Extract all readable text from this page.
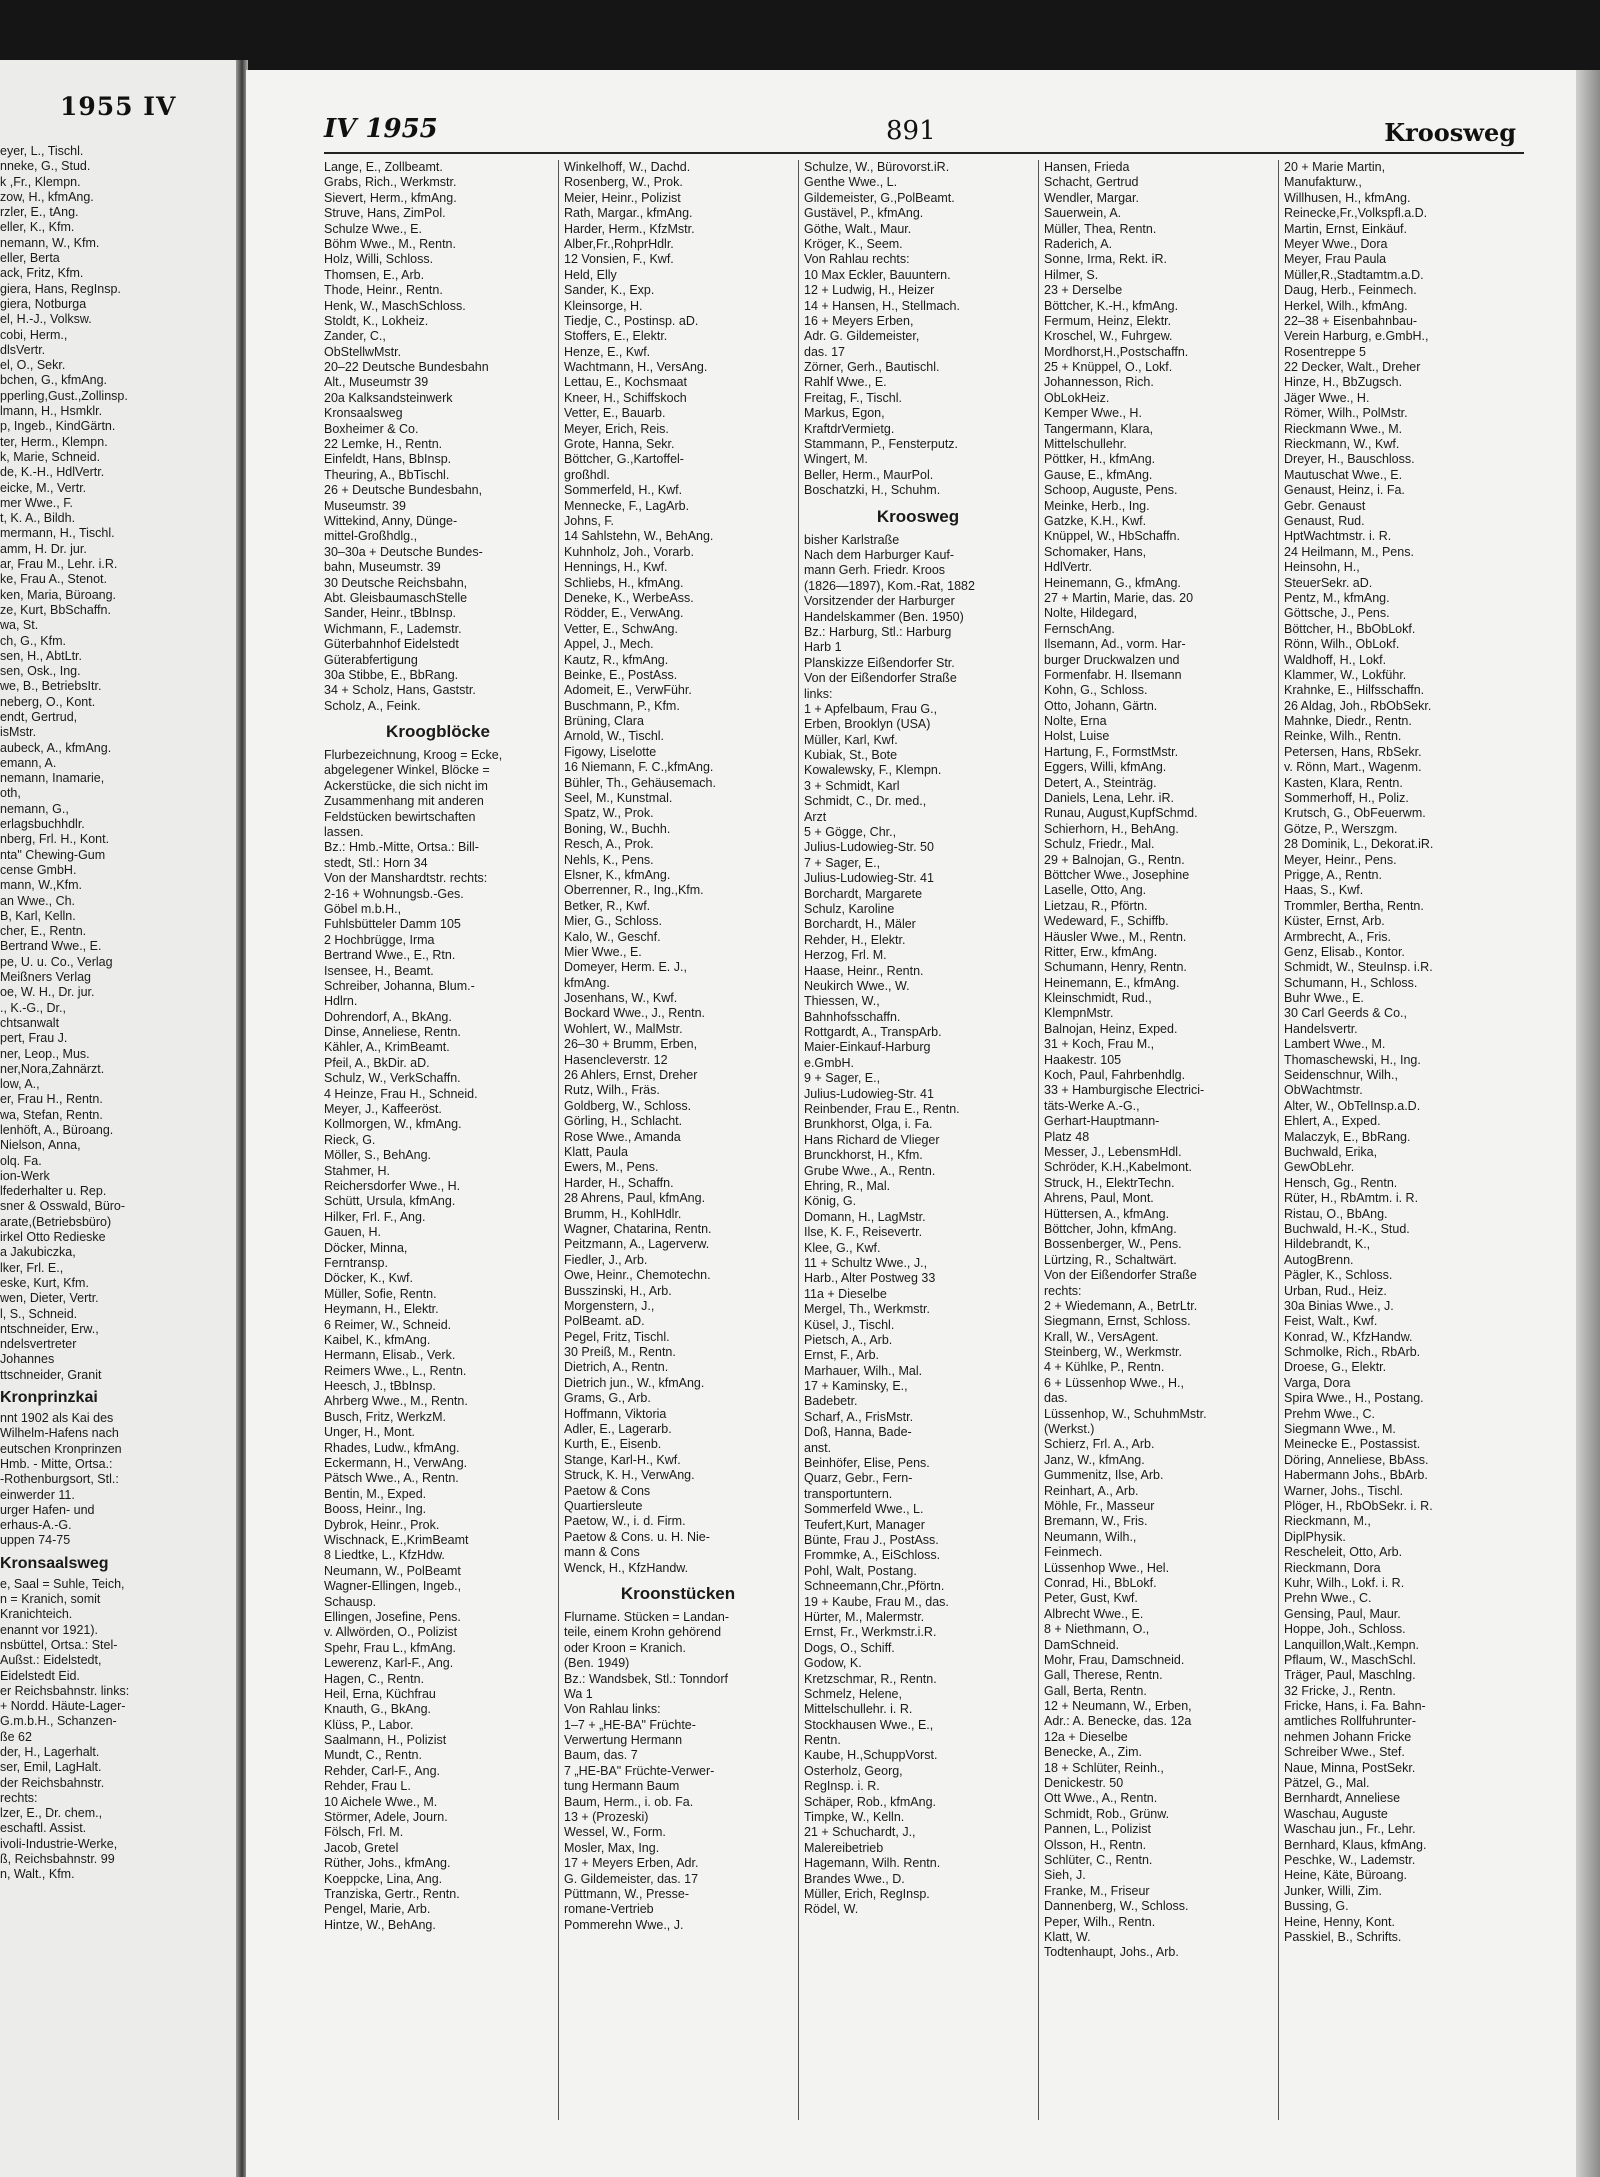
1955 IV
eyer, L., Tischl.
nneke, G., Stud.
k ,Fr., Klempn.
zow, H., kfmAng.
rzler, E., tAng.
eller, K., Kfm.
nemann, W., Kfm.
eller, Berta
ack, Fritz, Kfm.
giera, Hans, RegInsp.
giera, Notburga
el, H.-J., Volksw.
cobi, Herm.,
dlsVertr.
el, O., Sekr.
bchen, G., kfmAng.
pperling,Gust.,Zollinsp.
lmann, H., Hsmklr.
p, Ingeb., KindGärtn.
ter, Herm., Klempn.
k, Marie, Schneid.
de, K.-H., HdlVertr.
eicke, M., Vertr.
mer Wwe., F.
t, K. A., Bildh.
mermann, H., Tischl.
amm, H. Dr. jur.
ar, Frau M., Lehr. i.R.
ke, Frau A., Stenot.
ken, Maria, Büroang.
ze, Kurt, BbSchaffn.
wa, St.
ch, G., Kfm.
sen, H., AbtLtr.
sen, Osk., Ing.
we, B., BetriebsItr.
neberg, O., Kont.
endt, Gertrud,
isMstr.
aubeck, A., kfmAng.
emann, A.
nemann, Inamarie,
oth,
nemann, G.,
erlagsbuchhdlr.
nberg, Frl. H., Kont.
nta" Chewing-Gum
cense GmbH.
mann, W.,Kfm.
an Wwe., Ch.
B, Karl, Kelln.
cher, E., Rentn.
Bertrand Wwe., E.
pe, U. u. Co., Verlag
Meißners Verlag
oe, W. H., Dr. jur.
., K.-G., Dr.,
chtsanwalt
pert, Frau J.
ner, Leop., Mus.
ner,Nora,Zahnärzt.
low, A.,
er, Frau H., Rentn.
wa, Stefan, Rentn.
lenhöft, A., Büroang.
Nielson, Anna,
olq. Fa.
ion-Werk
lfederhalter u. Rep.
sner & Osswald, Büro-
arate,(Betriebsbüro)
irkel Otto Redieske
a Jakubiczka,
lker, Frl. E.,
eske, Kurt, Kfm.
wen, Dieter, Vertr.
l, S., Schneid.
ntschneider, Erw.,
ndelsvertreter
Johannes
ttschneider, Granit
Kronprinzkai
nnt 1902 als Kai des
Wilhelm-Hafens nach
eutschen Kronprinzen
Hmb. - Mitte, Ortsa.:
-Rothenburgsort, Stl.:
einwerder 11.
urger Hafen- und
erhaus-A.-G.
uppen 74-75
Kronsaalsweg
e, Saal = Suhle, Teich,
n = Kranich, somit
Kranichteich.
enannt vor 1921).
nsbüttel, Ortsa.: Stel-
Außst.: Eidelstedt,
Eidelstedt Eid.
er Reichsbahnstr. links:
+ Nordd. Häute-Lager-
G.m.b.H., Schanzen-
ße 62
der, H., Lagerhalt.
ser, Emil, LagHalt.
der Reichsbahnstr.
rechts:
lzer, E., Dr. chem.,
eschaftl. Assist.
ivoli-Industrie-Werke,
ß, Reichsbahnstr. 99
n, Walt., Kfm.
IV 1955	891	Kroosweg
Lange, E., Zollbeamt.
Grabs, Rich., Werkmstr.
Sievert, Herm., kfmAng.
Struve, Hans, ZimPol.
Schulze Wwe., E.
Böhm Wwe., M., Rentn.
Holz, Willi, Schloss.
Thomsen, E., Arb.
Thode, Heinr., Rentn.
Henk, W., MaschSchloss.
Stoldt, K., Lokheiz.
Zander, C.,
ObStellwMstr.
20–22 Deutsche Bundesbahn
Alt., Museumstr 39
20a Kalksandsteinwerk
Kronsaalsweg
Boxheimer & Co.
22 Lemke, H., Rentn.
Einfeldt, Hans, BbInsp.
Theuring, A., BbTischl.
26 + Deutsche Bundesbahn,
Museumstr. 39
Wittekind, Anny, Dünge-
mittel-Großhdlg.,
30–30a + Deutsche Bundes-
bahn, Museumstr. 39
30 Deutsche Reichsbahn,
Abt. GleisbaumaschStelle
Sander, Heinr., tBbInsp.
Wichmann, F., Lademstr.
Güterbahnhof Eidelstedt
Güterabfertigung
30a Stibbe, E., BbRang.
34 + Scholz, Hans, Gaststr.
Scholz, A., Feink.
Kroogblöcke
Flurbezeichnung, Kroog = Ecke,
abgelegener Winkel, Blöcke =
Ackerstücke, die sich nicht im
Zusammenhang mit anderen
Feldstücken bewirtschaften
lassen.
Bz.: Hmb.-Mitte, Ortsa.: Bill-
stedt, Stl.: Horn 34
Von der Manshardtstr. rechts:
2-16 + Wohnungsb.-Ges.
Göbel m.b.H.,
Fuhlsbütteler Damm 105
2 Hochbrügge, Irma
Bertrand Wwe., E., Rtn.
Isensee, H., Beamt.
Schreiber, Johanna, Blum.-
Hdlrn.
Dohrendorf, A., BkAng.
Dinse, Anneliese, Rentn.
Kähler, A., KrimBeamt.
Pfeil, A., BkDir. aD.
Schulz, W., VerkSchaffn.
4 Heinze, Frau H., Schneid.
Meyer, J., Kaffeeröst.
Kollmorgen, W., kfmAng.
Rieck, G.
Möller, S., BehAng.
Stahmer, H.
Reichersdorfer Wwe., H.
Schütt, Ursula, kfmAng.
Hilker, Frl. F., Ang.
Gauen, H.
Döcker, Minna,
Ferntransp.
Döcker, K., Kwf.
Müller, Sofie, Rentn.
Heymann, H., Elektr.
6 Reimer, W., Schneid.
Kaibel, K., kfmAng.
Hermann, Elisab., Verk.
Reimers Wwe., L., Rentn.
Heesch, J., tBbInsp.
Ahrberg Wwe., M., Rentn.
Busch, Fritz, WerkzM.
Unger, H., Mont.
Rhades, Ludw., kfmAng.
Eckermann, H., VerwAng.
Pätsch Wwe., A., Rentn.
Bentin, M., Exped.
Booss, Heinr., Ing.
Dybrok, Heinr., Prok.
Wischnack, E.,KrimBeamt
8 Liedtke, L., KfzHdw.
Neumann, W., PolBeamt
Wagner-Ellingen, Ingeb.,
Schausp.
Ellingen, Josefine, Pens.
v. Allwörden, O., Polizist
Spehr, Frau L., kfmAng.
Lewerenz, Karl-F., Ang.
Hagen, C., Rentn.
Heil, Erna, Küchfrau
Knauth, G., BkAng.
Klüss, P., Labor.
Saalmann, H., Polizist
Mundt, C., Rentn.
Rehder, Carl-F., Ang.
Rehder, Frau L.
10 Aichele Wwe., M.
Störmer, Adele, Journ.
Fölsch, Frl. M.
Jacob, Gretel
Rüther, Johs., kfmAng.
Koeppcke, Lina, Ang.
Tranziska, Gertr., Rentn.
Pengel, Marie, Arb.
Hintze, W., BehAng.
Winkelhoff, W., Dachd.
Rosenberg, W., Prok.
Meier, Heinr., Polizist
Rath, Margar., kfmAng.
Harder, Herm., KfzMstr.
Alber,Fr.,RohprHdlr.
12 Vonsien, F., Kwf.
Held, Elly
Sander, K., Exp.
Kleinsorge, H.
Tiedje, C., Postinsp. aD.
Stoffers, E., Elektr.
Henze, E., Kwf.
Wachtmann, H., VersAng.
Lettau, E., Kochsmaat
Kneer, H., Schiffskoch
Vetter, E., Bauarb.
Meyer, Erich, Reis.
Grote, Hanna, Sekr.
Böttcher, G.,Kartoffel-
großhdl.
Sommerfeld, H., Kwf.
Mennecke, F., LagArb.
Johns, F.
14 Sahlstehn, W., BehAng.
Kuhnholz, Joh., Vorarb.
Hennings, H., Kwf.
Schliebs, H., kfmAng.
Deneke, K., WerbeAss.
Rödder, E., VerwAng.
Vetter, E., SchwAng.
Appel, J., Mech.
Kautz, R., kfmAng.
Beinke, E., PostAss.
Adomeit, E., VerwFühr.
Buschmann, P., Kfm.
Brüning, Clara
Arnold, W., Tischl.
Figowy, Liselotte
16 Niemann, F. C.,kfmAng.
Bühler, Th., Gehäusemach.
Seel, M., Kunstmal.
Spatz, W., Prok.
Boning, W., Buchh.
Resch, A., Prok.
Nehls, K., Pens.
Elsner, K., kfmAng.
Oberrenner, R., Ing.,Kfm.
Betker, R., Kwf.
Mier, G., Schloss.
Kalo, W., Geschf.
Mier Wwe., E.
Domeyer, Herm. E. J.,
kfmAng.
Josenhans, W., Kwf.
Bockard Wwe., J., Rentn.
Wohlert, W., MalMstr.
26–30 + Brumm, Erben,
Hasencleverstr. 12
26 Ahlers, Ernst, Dreher
Rutz, Wilh., Fräs.
Goldberg, W., Schloss.
Görling, H., Schlacht.
Rose Wwe., Amanda
Klatt, Paula
Ewers, M., Pens.
Harder, H., Schaffn.
28 Ahrens, Paul, kfmAng.
Brumm, H., KohlHdlr.
Wagner, Chatarina, Rentn.
Peitzmann, A., Lagerverw.
Fiedler, J., Arb.
Owe, Heinr., Chemotechn.
Busszinski, H., Arb.
Morgenstern, J.,
PolBeamt. aD.
Pegel, Fritz, Tischl.
30 Preiß, M., Rentn.
Dietrich, A., Rentn.
Dietrich jun., W., kfmAng.
Grams, G., Arb.
Hoffmann, Viktoria
Adler, E., Lagerarb.
Kurth, E., Eisenb.
Stange, Karl-H., Kwf.
Struck, K. H., VerwAng.
Paetow & Cons
Quartiersleute
Paetow, W., i. d. Firm.
Paetow & Cons. u. H. Nie-
mann & Cons
Wenck, H., KfzHandw.
Kroonstücken
Flurname. Stücken = Landan-
teile, einem Krohn gehörend
oder Kroon = Kranich.
(Ben. 1949)
Bz.: Wandsbek, Stl.: Tonndorf
Wa 1
Von Rahlau links:
1–7 + „HE-BA" Früchte-
Verwertung Hermann
Baum, das. 7
7 „HE-BA" Früchte-Verwer-
tung Hermann Baum
Baum, Herm., i. ob. Fa.
13 + (Prozeski)
Wessel, W., Form.
Mosler, Max, Ing.
17 + Meyers Erben, Adr.
G. Gildemeister, das. 17
Püttmann, W., Presse-
romane-Vertrieb
Pommerehn Wwe., J.
Schulze, W., Bürovorst.iR.
Genthe Wwe., L.
Gildemeister, G.,PolBeamt.
Gustävel, P., kfmAng.
Göthe, Walt., Maur.
Kröger, K., Seem.
Von Rahlau rechts:
10 Max Eckler, Bauuntern.
12 + Ludwig, H., Heizer
14 + Hansen, H., Stellmach.
16 + Meyers Erben,
Adr. G. Gildemeister,
das. 17
Zörner, Gerh., Bautischl.
Rahlf Wwe., E.
Freitag, F., Tischl.
Markus, Egon,
KraftdrVermietg.
Stammann, P., Fensterputz.
Wingert, M.
Beller, Herm., MaurPol.
Boschatzki, H., Schuhm.
Kroosweg
bisher Karlstraße
Nach dem Harburger Kauf-
mann Gerh. Friedr. Kroos
(1826—1897), Kom.-Rat, 1882
Vorsitzender der Harburger
Handelskammer (Ben. 1950)
Bz.: Harburg, Stl.: Harburg
Harb 1
Planskizze Eißendorfer Str.
Von der Eißendorfer Straße
links:
1 + Apfelbaum, Frau G.,
Erben, Brooklyn (USA)
Müller, Karl, Kwf.
Kubiak, St., Bote
Kowalewsky, F., Klempn.
3 + Schmidt, Karl
Schmidt, C., Dr. med.,
Arzt
5 + Gögge, Chr.,
Julius-Ludowieg-Str. 50
7 + Sager, E.,
Julius-Ludowieg-Str. 41
Borchardt, Margarete
Schulz, Karoline
Borchardt, H., Mäler
Rehder, H., Elektr.
Herzog, Frl. M.
Haase, Heinr., Rentn.
Neukirch Wwe., W.
Thiessen, W.,
Bahnhofsschaffn.
Rottgardt, A., TranspArb.
Maier-Einkauf-Harburg
e.GmbH.
9 + Sager, E.,
Julius-Ludowieg-Str. 41
Reinbender, Frau E., Rentn.
Brunkhorst, Olga, i. Fa.
Hans Richard de Vlieger
Brunckhorst, H., Kfm.
Grube Wwe., A., Rentn.
Ehring, R., Mal.
König, G.
Domann, H., LagMstr.
Ilse, K. F., Reisevertr.
Klee, G., Kwf.
11 + Schultz Wwe., J.,
Harb., Alter Postweg 33
11a + Dieselbe
Mergel, Th., Werkmstr.
Küsel, J., Tischl.
Pietsch, A., Arb.
Ernst, F., Arb.
Marhauer, Wilh., Mal.
17 + Kaminsky, E.,
Badebetr.
Scharf, A., FrisMstr.
Doß, Hanna, Bade-
anst.
Beinhöfer, Elise, Pens.
Quarz, Gebr., Fern-
transportuntern.
Sommerfeld Wwe., L.
Teufert,Kurt, Manager
Bünte, Frau J., PostAss.
Frommke, A., EiSchloss.
Pohl, Walt, Postang.
Schneemann,Chr.,Pförtn.
19 + Kaube, Frau M., das.
Hürter, M., Malermstr.
Ernst, Fr., Werkmstr.i.R.
Dogs, O., Schiff.
Godow, K.
Kretzschmar, R., Rentn.
Schmelz, Helene,
Mittelschullehr. i. R.
Stockhausen Wwe., E.,
Rentn.
Kaube, H.,SchuppVorst.
Osterholz, Georg,
RegInsp. i. R.
Schäper, Rob., kfmAng.
Timpke, W., Kelln.
21 + Schuchardt, J.,
Malereibetrieb
Hagemann, Wilh. Rentn.
Brandes Wwe., D.
Müller, Erich, RegInsp.
Rödel, W.
Hansen, Frieda
Schacht, Gertrud
Wendler, Margar.
Sauerwein, A.
Müller, Thea, Rentn.
Raderich, A.
Sonne, Irma, Rekt. iR.
Hilmer, S.
23 + Derselbe
Böttcher, K.-H., kfmAng.
Fermum, Heinz, Elektr.
Kroschel, W., Fuhrgew.
Mordhorst,H.,Postschaffn.
25 + Knüppel, O., Lokf.
Johannesson, Rich.
ObLokHeiz.
Kemper Wwe., H.
Tangermann, Klara,
Mittelschullehr.
Pöttker, H., kfmAng.
Gause, E., kfmAng.
Schoop, Auguste, Pens.
Meinke, Herb., Ing.
Gatzke, K.H., Kwf.
Knüppel, W., HbSchaffn.
Schomaker, Hans,
HdlVertr.
Heinemann, G., kfmAng.
27 + Martin, Marie, das. 20
Nolte, Hildegard,
FernschAng.
Ilsemann, Ad., vorm. Har-
burger Druckwalzen und
Formenfabr. H. Ilsemann
Kohn, G., Schloss.
Otto, Johann, Gärtn.
Nolte, Erna
Holst, Luise
Hartung, F., FormstMstr.
Eggers, Willi, kfmAng.
Detert, A., Steinträg.
Daniels, Lena, Lehr. iR.
Runau, August,KupfSchmd.
Schierhorn, H., BehAng.
Schulz, Friedr., Mal.
29 + Balnojan, G., Rentn.
Böttcher Wwe., Josephine
Laselle, Otto, Ang.
Lietzau, R., Pförtn.
Wedeward, F., Schiffb.
Häusler Wwe., M., Rentn.
Ritter, Erw., kfmAng.
Schumann, Henry, Rentn.
Heinemann, E., kfmAng.
Kleinschmidt, Rud.,
KlempnMstr.
Balnojan, Heinz, Exped.
31 + Koch, Frau M.,
Haakestr. 105
Koch, Paul, Fahrbenhdlg.
33 + Hamburgische Electrici-
täts-Werke A.-G.,
Gerhart-Hauptmann-
Platz 48
Messer, J., LebensmHdl.
Schröder, K.H.,Kabelmont.
Struck, H., ElektrTechn.
Ahrens, Paul, Mont.
Hüttersen, A., kfmAng.
Böttcher, John, kfmAng.
Bossenberger, W., Pens.
Lürtzing, R., Schaltwärt.
Von der Eißendorfer Straße
rechts:
2 + Wiedemann, A., BetrLtr.
Siegmann, Ernst, Schloss.
Krall, W., VersAgent.
Steinberg, W., Werkmstr.
4 + Kühlke, P., Rentn.
6 + Lüssenhop Wwe., H.,
das.
Lüssenhop, W., SchuhmMstr.
(Werkst.)
Schierz, Frl. A., Arb.
Janz, W., kfmAng.
Gummenitz, Ilse, Arb.
Reinhart, A., Arb.
Möhle, Fr., Masseur
Bremann, W., Fris.
Neumann, Wilh.,
Feinmech.
Lüssenhop Wwe., Hel.
Conrad, Hi., BbLokf.
Peter, Gust, Kwf.
Albrecht Wwe., E.
8 + Niethmann, O.,
DamSchneid.
Mohr, Frau, Damschneid.
Gall, Therese, Rentn.
Gall, Berta, Rentn.
12 + Neumann, W., Erben,
Adr.: A. Benecke, das. 12a
12a + Dieselbe
Benecke, A., Zim.
18 + Schlüter, Reinh.,
Denickestr. 50
Ott Wwe., A., Rentn.
Schmidt, Rob., Grünw.
Pannen, L., Polizist
Olsson, H., Rentn.
Schlüter, C., Rentn.
Sieh, J.
Franke, M., Friseur
Dannenberg, W., Schloss.
Peper, Wilh., Rentn.
Klatt, W.
Todtenhaupt, Johs., Arb.
20 + Marie Martin,
Manufakturw.,
Willhusen, H., kfmAng.
Reinecke,Fr.,Volkspfl.a.D.
Martin, Ernst, Einkäuf.
Meyer Wwe., Dora
Meyer, Frau Paula
Müller,R.,Stadtamtm.a.D.
Daug, Herb., Feinmech.
Herkel, Wilh., kfmAng.
22–38 + Eisenbahnbau-
Verein Harburg, e.GmbH.,
Rosentreppe 5
22 Decker, Walt., Dreher
Hinze, H., BbZugsch.
Jäger Wwe., H.
Römer, Wilh., PolMstr.
Rieckmann Wwe., M.
Rieckmann, W., Kwf.
Dreyer, H., Bauschloss.
Mautuschat Wwe., E.
Genaust, Heinz, i. Fa.
Gebr. Genaust
Genaust, Rud.
HptWachtmstr. i. R.
24 Heilmann, M., Pens.
Heinsohn, H.,
SteuerSekr. aD.
Pentz, M., kfmAng.
Göttsche, J., Pens.
Böttcher, H., BbObLokf.
Rönn, Wilh., ObLokf.
Waldhoff, H., Lokf.
Klammer, W., Lokführ.
Krahnke, E., Hilfsschaffn.
26 Aldag, Joh., RbObSekr.
Mahnke, Diedr., Rentn.
Reinke, Wilh., Rentn.
Petersen, Hans, RbSekr.
v. Rönn, Mart., Wagenm.
Kasten, Klara, Rentn.
Sommerhoff, H., Poliz.
Krutsch, G., ObFeuerwm.
Götze, P., Werszgm.
28 Dominik, L., Dekorat.iR.
Meyer, Heinr., Pens.
Prigge, A., Rentn.
Haas, S., Kwf.
Trommler, Bertha, Rentn.
Küster, Ernst, Arb.
Armbrecht, A., Fris.
Genz, Elisab., Kontor.
Schmidt, W., SteuInsp. i.R.
Schumann, H., Schloss.
Buhr Wwe., E.
30 Carl Geerds & Co.,
Handelsvertr.
Lambert Wwe., M.
Thomaschewski, H., Ing.
Seidenschnur, Wilh.,
ObWachtmstr.
Alter, W., ObTelInsp.a.D.
Ehlert, A., Exped.
Malaczyk, E., BbRang.
Buchwald, Erika,
GewObLehr.
Hensch, Gg., Rentn.
Rüter, H., RbAmtm. i. R.
Ristau, O., BbAng.
Buchwald, H.-K., Stud.
Hildebrandt, K.,
AutogBrenn.
Pägler, K., Schloss.
Urban, Rud., Heiz.
30a Binias Wwe., J.
Feist, Walt., Kwf.
Konrad, W., KfzHandw.
Schmolke, Rich., RbArb.
Droese, G., Elektr.
Varga, Dora
Spira Wwe., H., Postang.
Prehm Wwe., C.
Siegmann Wwe., M.
Meinecke E., Postassist.
Döring, Anneliese, BbAss.
Habermann Johs., BbArb.
Warner, Johs., Tischl.
Plöger, H., RbObSekr. i. R.
Rieckmann, M.,
DiplPhysik.
Rescheleit, Otto, Arb.
Rieckmann, Dora
Kuhr, Wilh., Lokf. i. R.
Prehn Wwe., C.
Gensing, Paul, Maur.
Hoppe, Joh., Schloss.
Lanquillon,Walt.,Kempn.
Pflaum, W., MaschSchl.
Träger, Paul, Maschlng.
32 Fricke, J., Rentn.
Fricke, Hans, i. Fa. Bahn-
amtliches Rollfuhrunter-
nehmen Johann Fricke
Schreiber Wwe., Stef.
Naue, Minna, PostSekr.
Pätzel, G., Mal.
Bernhardt, Anneliese
Waschau, Auguste
Waschau jun., Fr., Lehr.
Bernhard, Klaus, kfmAng.
Peschke, W., Lademstr.
Heine, Käte, Büroang.
Junker, Willi, Zim.
Bussing, G.
Heine, Henny, Kont.
Passkiel, B., Schrifts.
